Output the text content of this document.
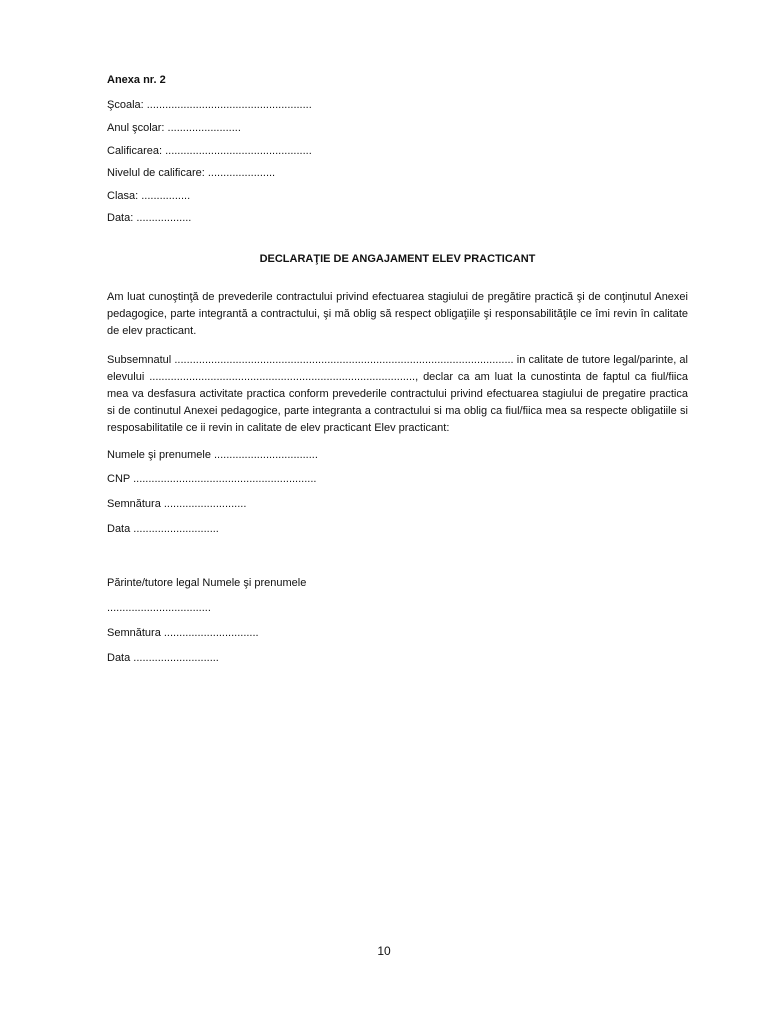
Anexa nr. 2
Şcoala: ......................................................
Anul şcolar: ........................
Calificarea: ................................................
Nivelul de calificare: ......................
Clasa: ................
Data: ..................
DECLARAŢIE DE ANGAJAMENT ELEV PRACTICANT
Am luat cunoştinţă de prevederile contractului privind efectuarea stagiului de pregătire practică şi de conţinutul Anexei pedagogice, parte integrantă a contractului, şi mă oblig să respect obligaţiile şi responsabilităţile ce îmi revin în calitate de elev practicant.
Subsemnatul ............................................................................................................... in calitate de tutore legal/parinte, al elevului ......................................................................................., declar ca am luat la cunostinta de faptul ca fiul/fiica mea va desfasura activitate practica conform prevederile contractului privind efectuarea stagiului de pregatire practica si de continutul Anexei pedagogice, parte integranta a contractului si ma oblig ca fiul/fiica mea sa respecte obligatiile si resposabilitatile ce ii revin in calitate de elev practicant Elev practicant:
Numele şi prenumele ..................................
CNP ............................................................
Semnătura ...........................
Data ............................
Părinte/tutore legal Numele şi prenumele
..................................
Semnătura ...............................
Data ............................
10
